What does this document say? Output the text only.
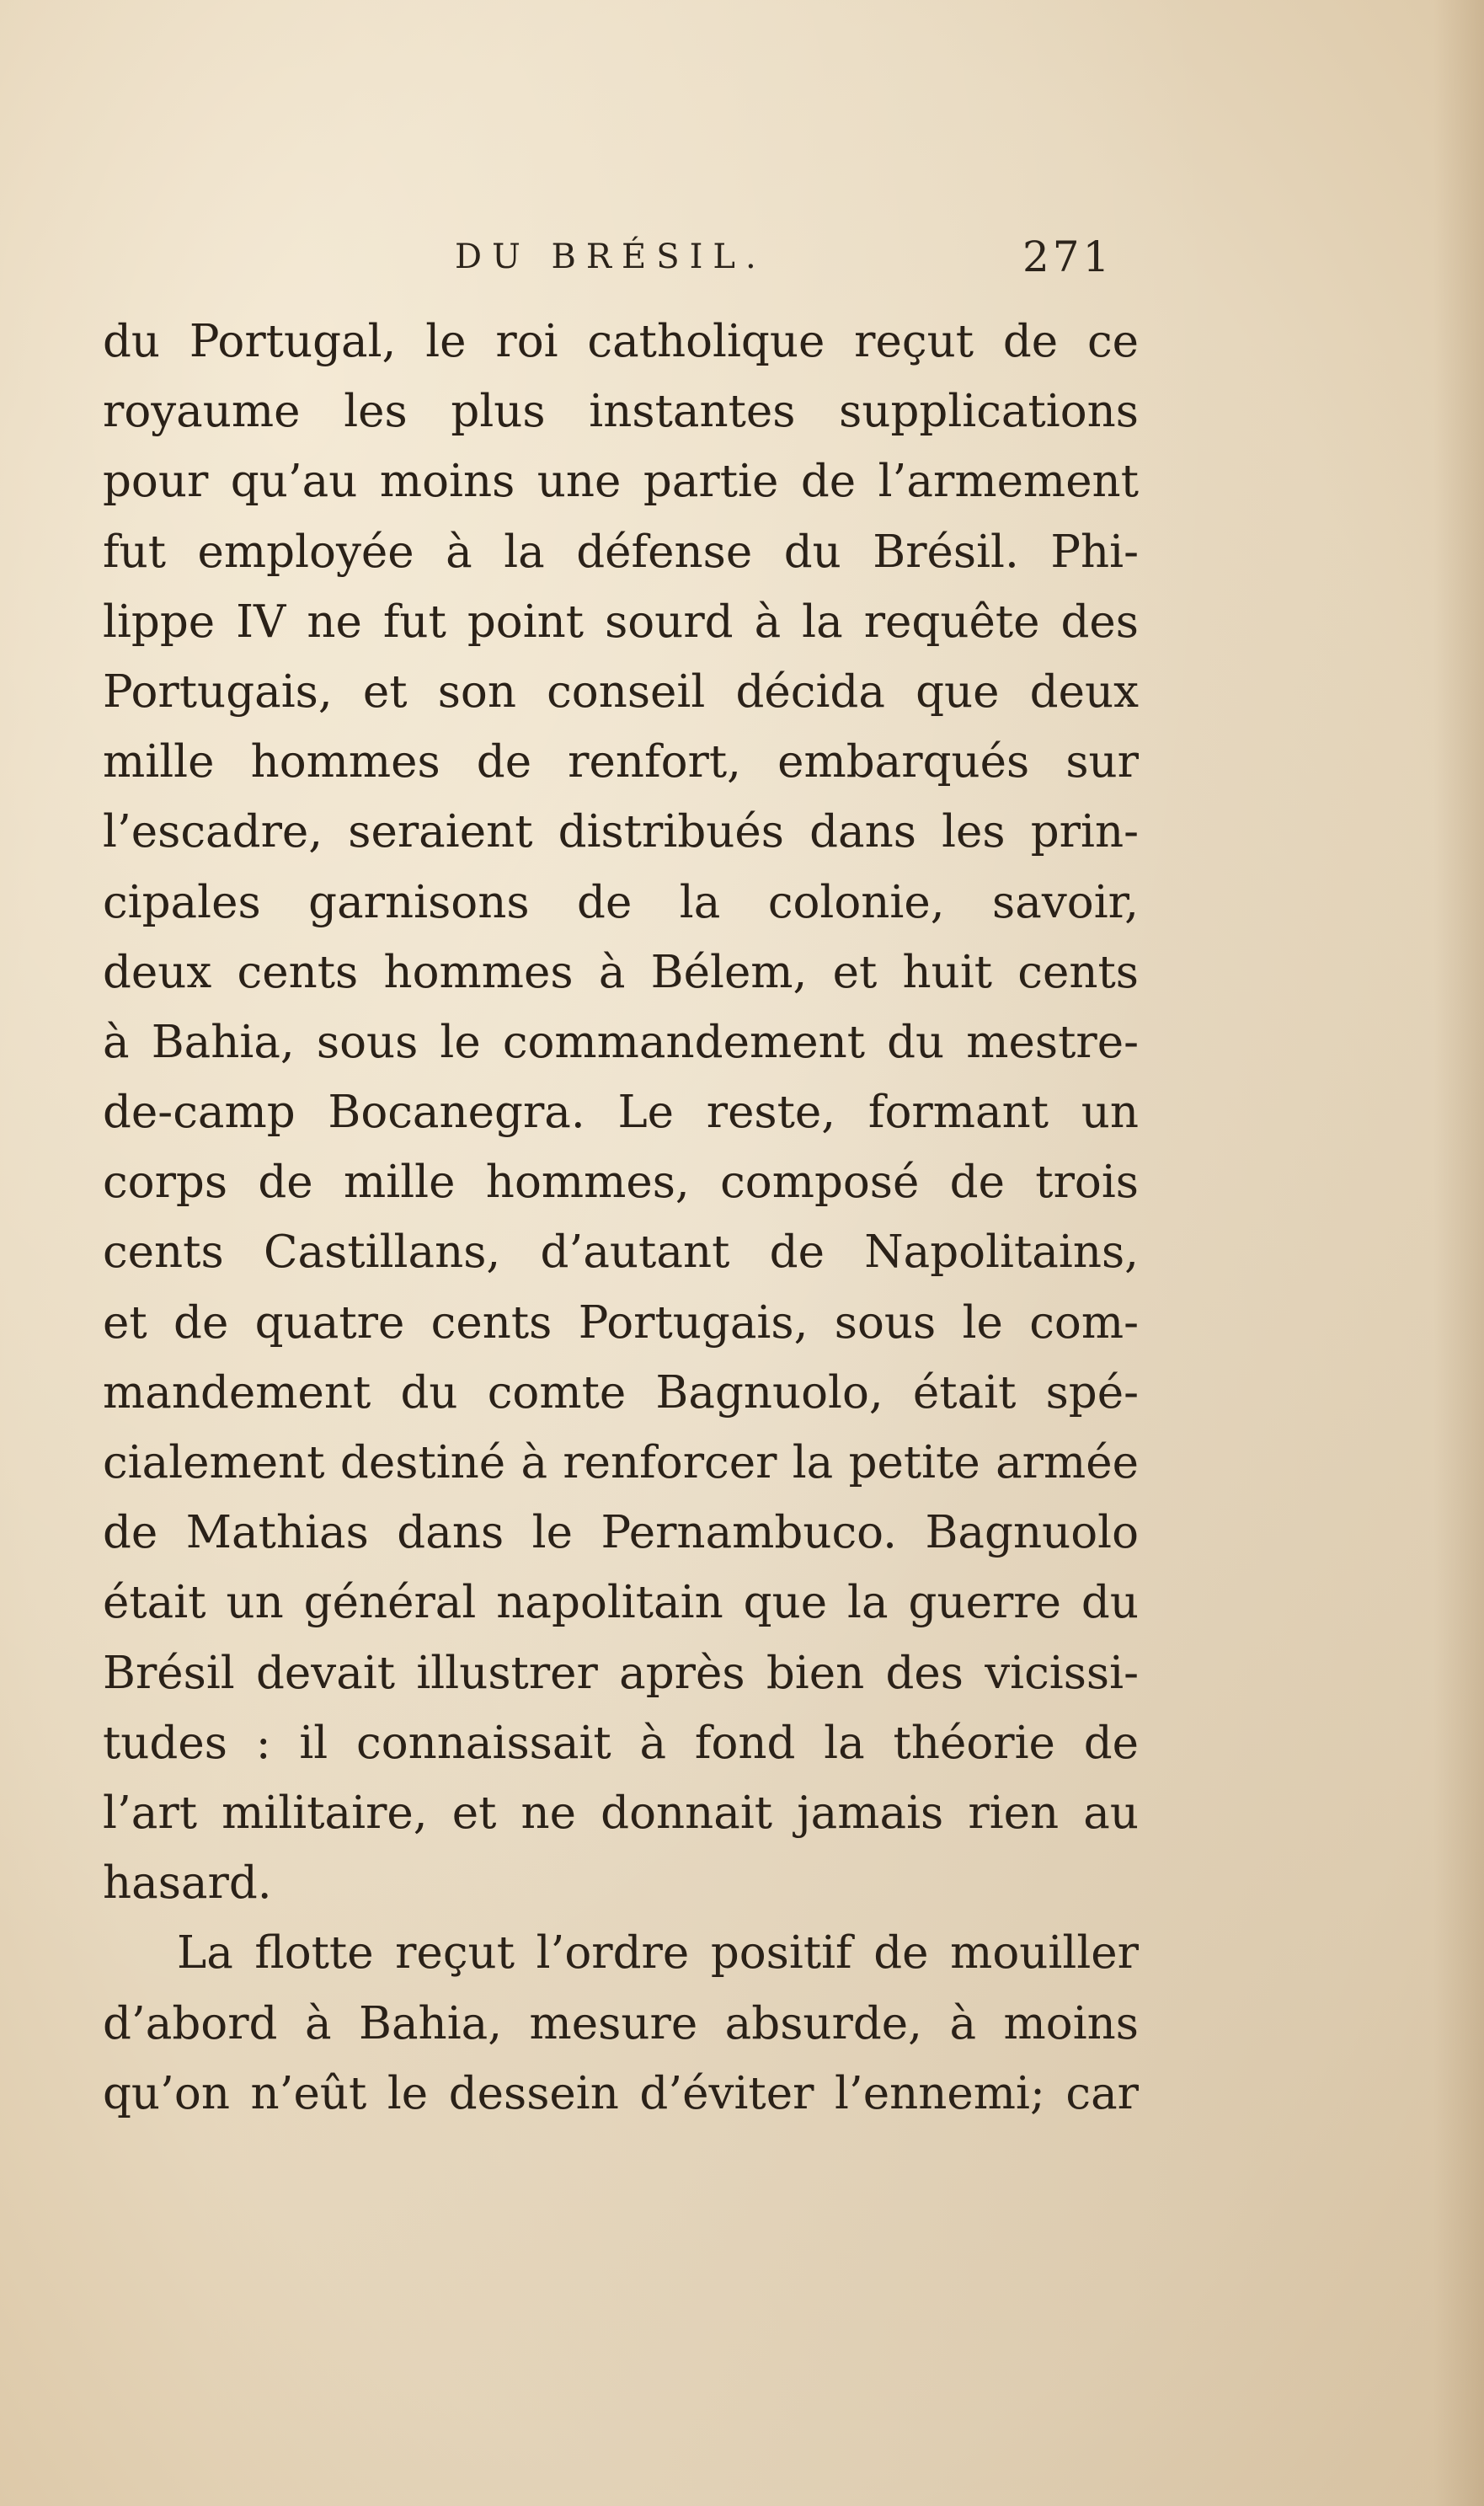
DU BRÉSIL.	271
du Portugal, le roi catholique reçut de ce
royaume les plus instantes supplications
pour qu’au moins une partie de l’armement
fut employée à la défense du Brésil. Phi-
lippe IV ne fut point sourd à la requête des
Portugais, et son conseil décida que deux
mille hommes de renfort, embarqués sur
l’escadre, seraient distribués dans les prin-
cipales garnisons de la colonie, savoir,
deux cents hommes à Bélem, et huit cents
à Bahia, sous le commandement du mestre-
de-camp Bocanegra. Le reste, formant un
corps de mille hommes, composé de trois
cents Castillans, d’autant de Napolitains,
et de quatre cents Portugais, sous le com-
mandement du comte Bagnuolo, était spé-
cialement destiné à renforcer la petite armée
de Mathias dans le Pernambuco. Bagnuolo
était un général napolitain que la guerre du
Brésil devait illustrer après bien des vicissi-
tudes : il connaissait à fond la théorie de
l’art militaire, et ne donnait jamais rien au
hasard.
La flotte reçut l’ordre positif de mouiller
d’abord à Bahia, mesure absurde, à moins
qu’on n’eût le dessein d’éviter l’ennemi; car
